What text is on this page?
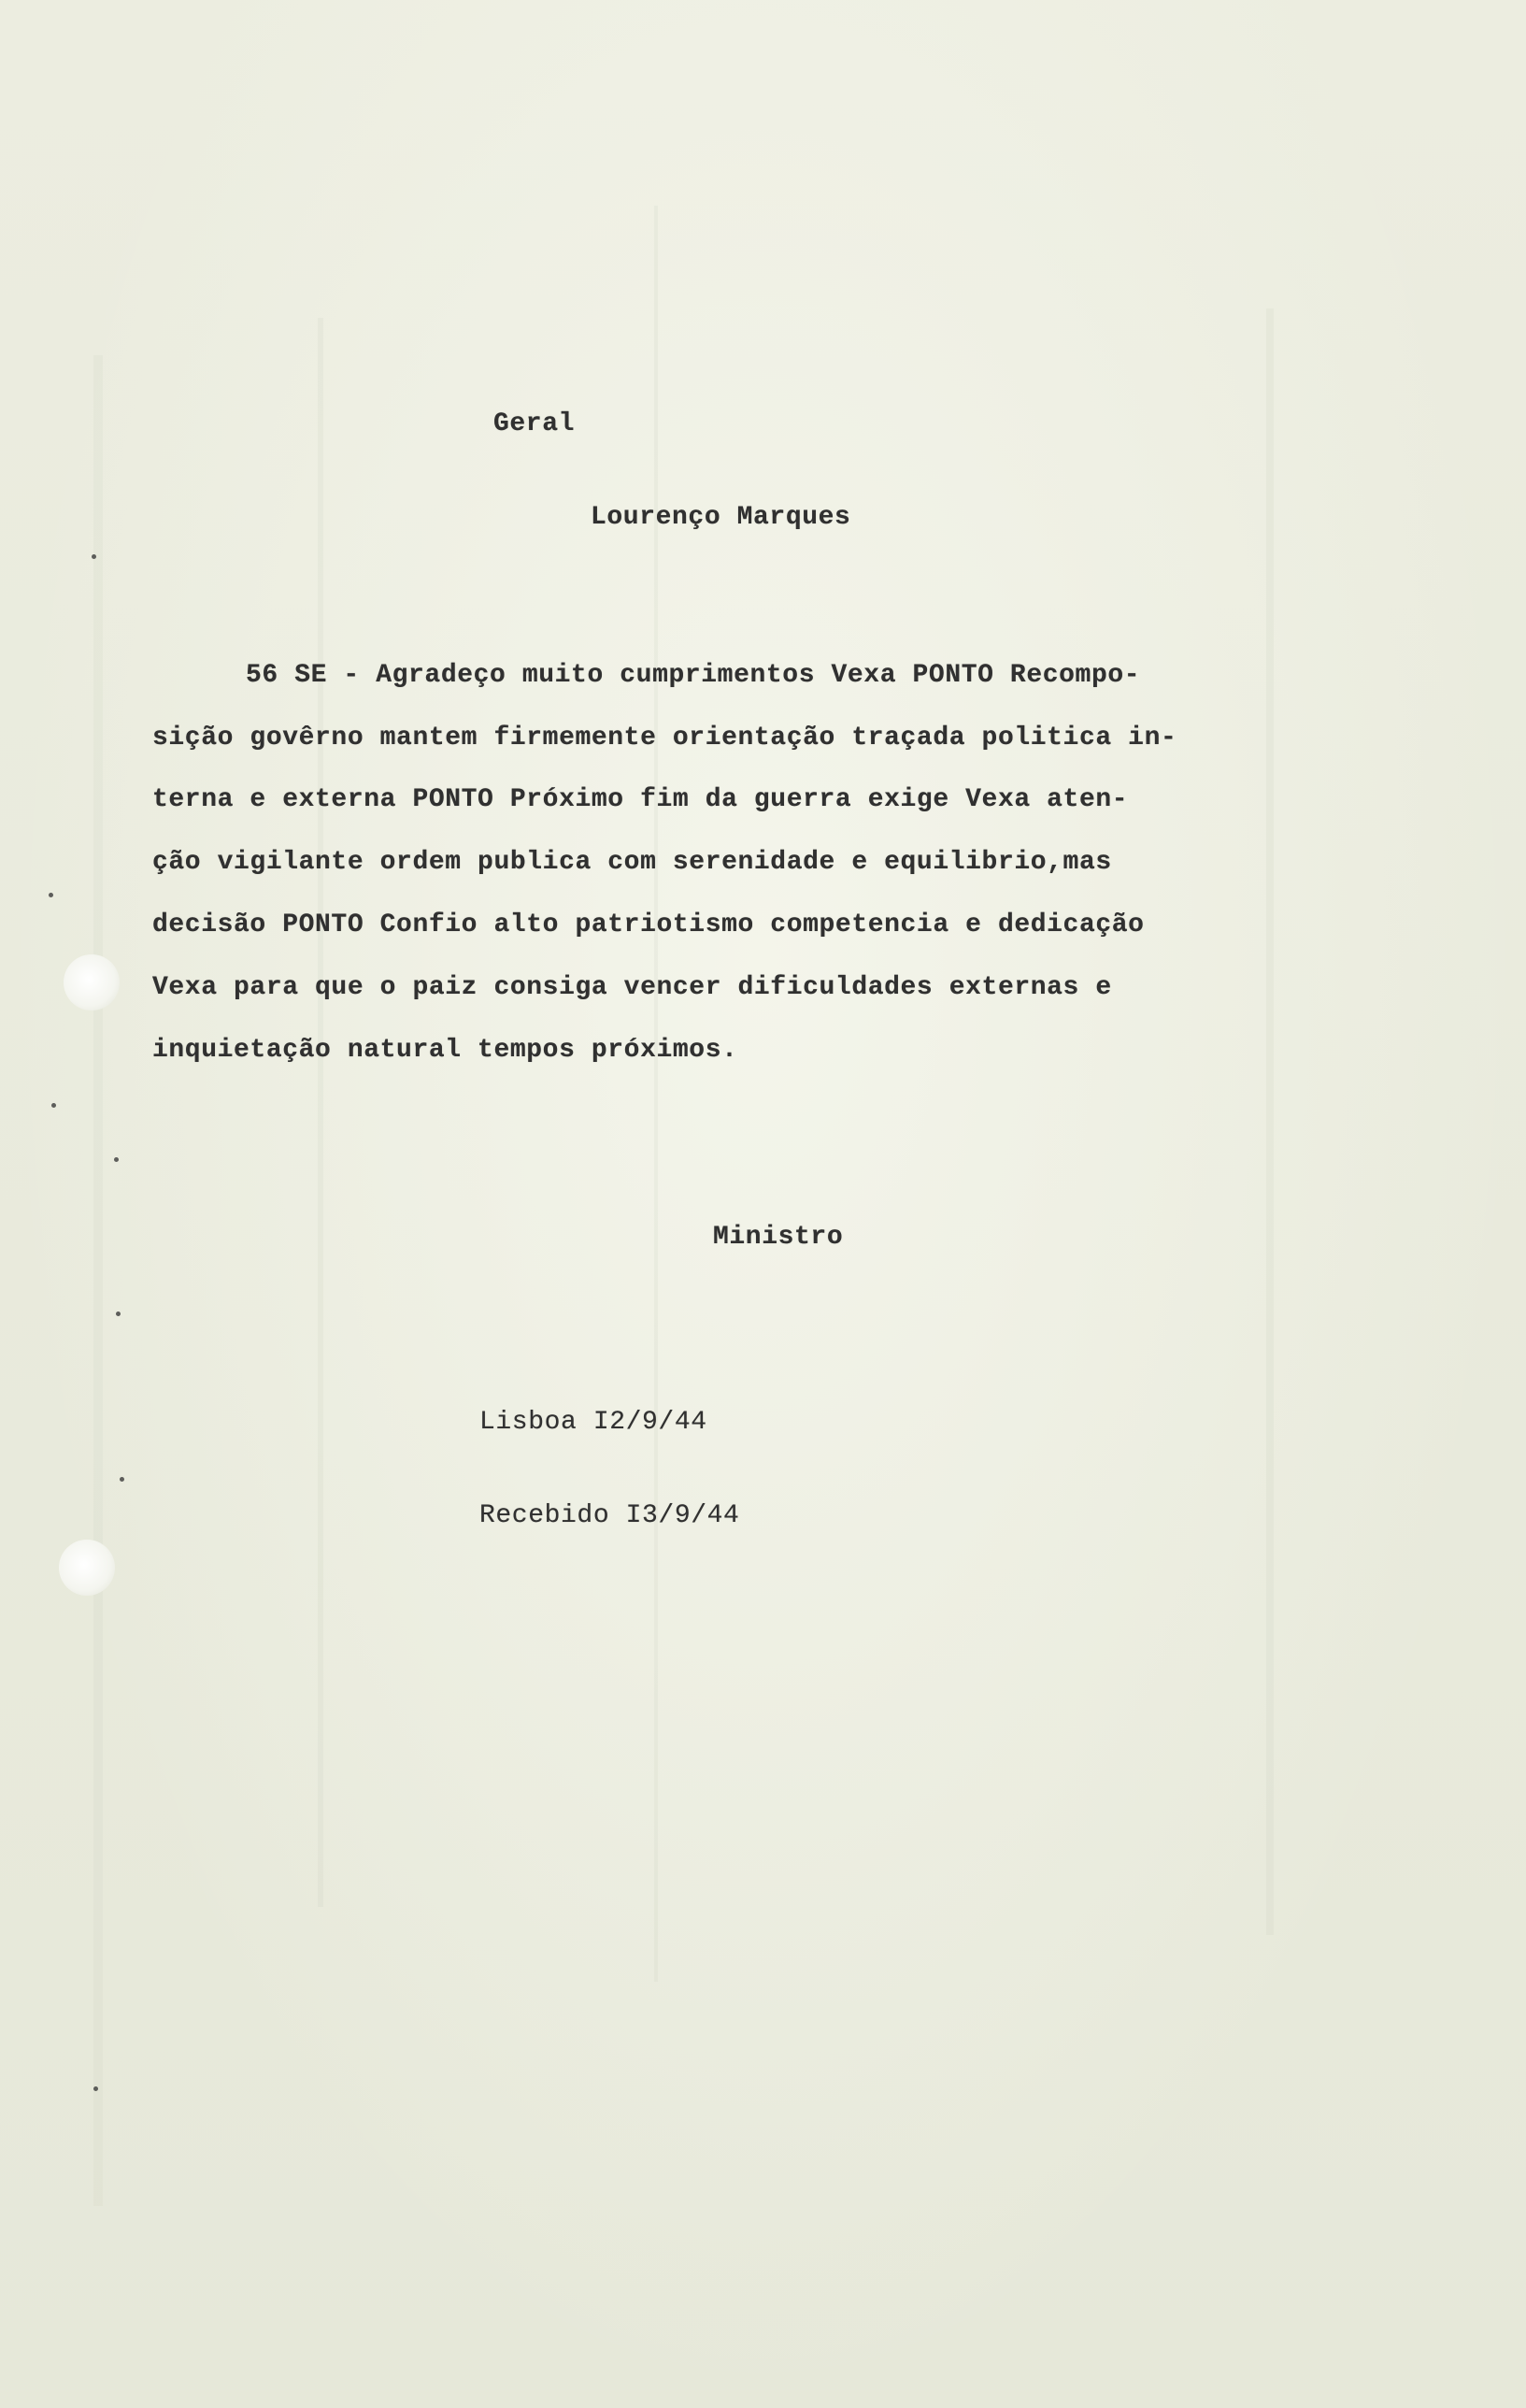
Geral
Lourenço Marques
56 SE - Agradeço muito cumprimentos Vexa PONTO Recompo-
sição govêrno mantem firmemente orientação traçada politica in-
terna e externa PONTO Próximo fim da guerra exige Vexa aten-
ção vigilante ordem publica com serenidade e equilibrio,mas
decisão PONTO Confio alto patriotismo competencia e dedicação
Vexa para que o paiz consiga vencer dificuldades externas e
inquietação natural tempos próximos.
Ministro
Lisboa I2/9/44
Recebido I3/9/44
